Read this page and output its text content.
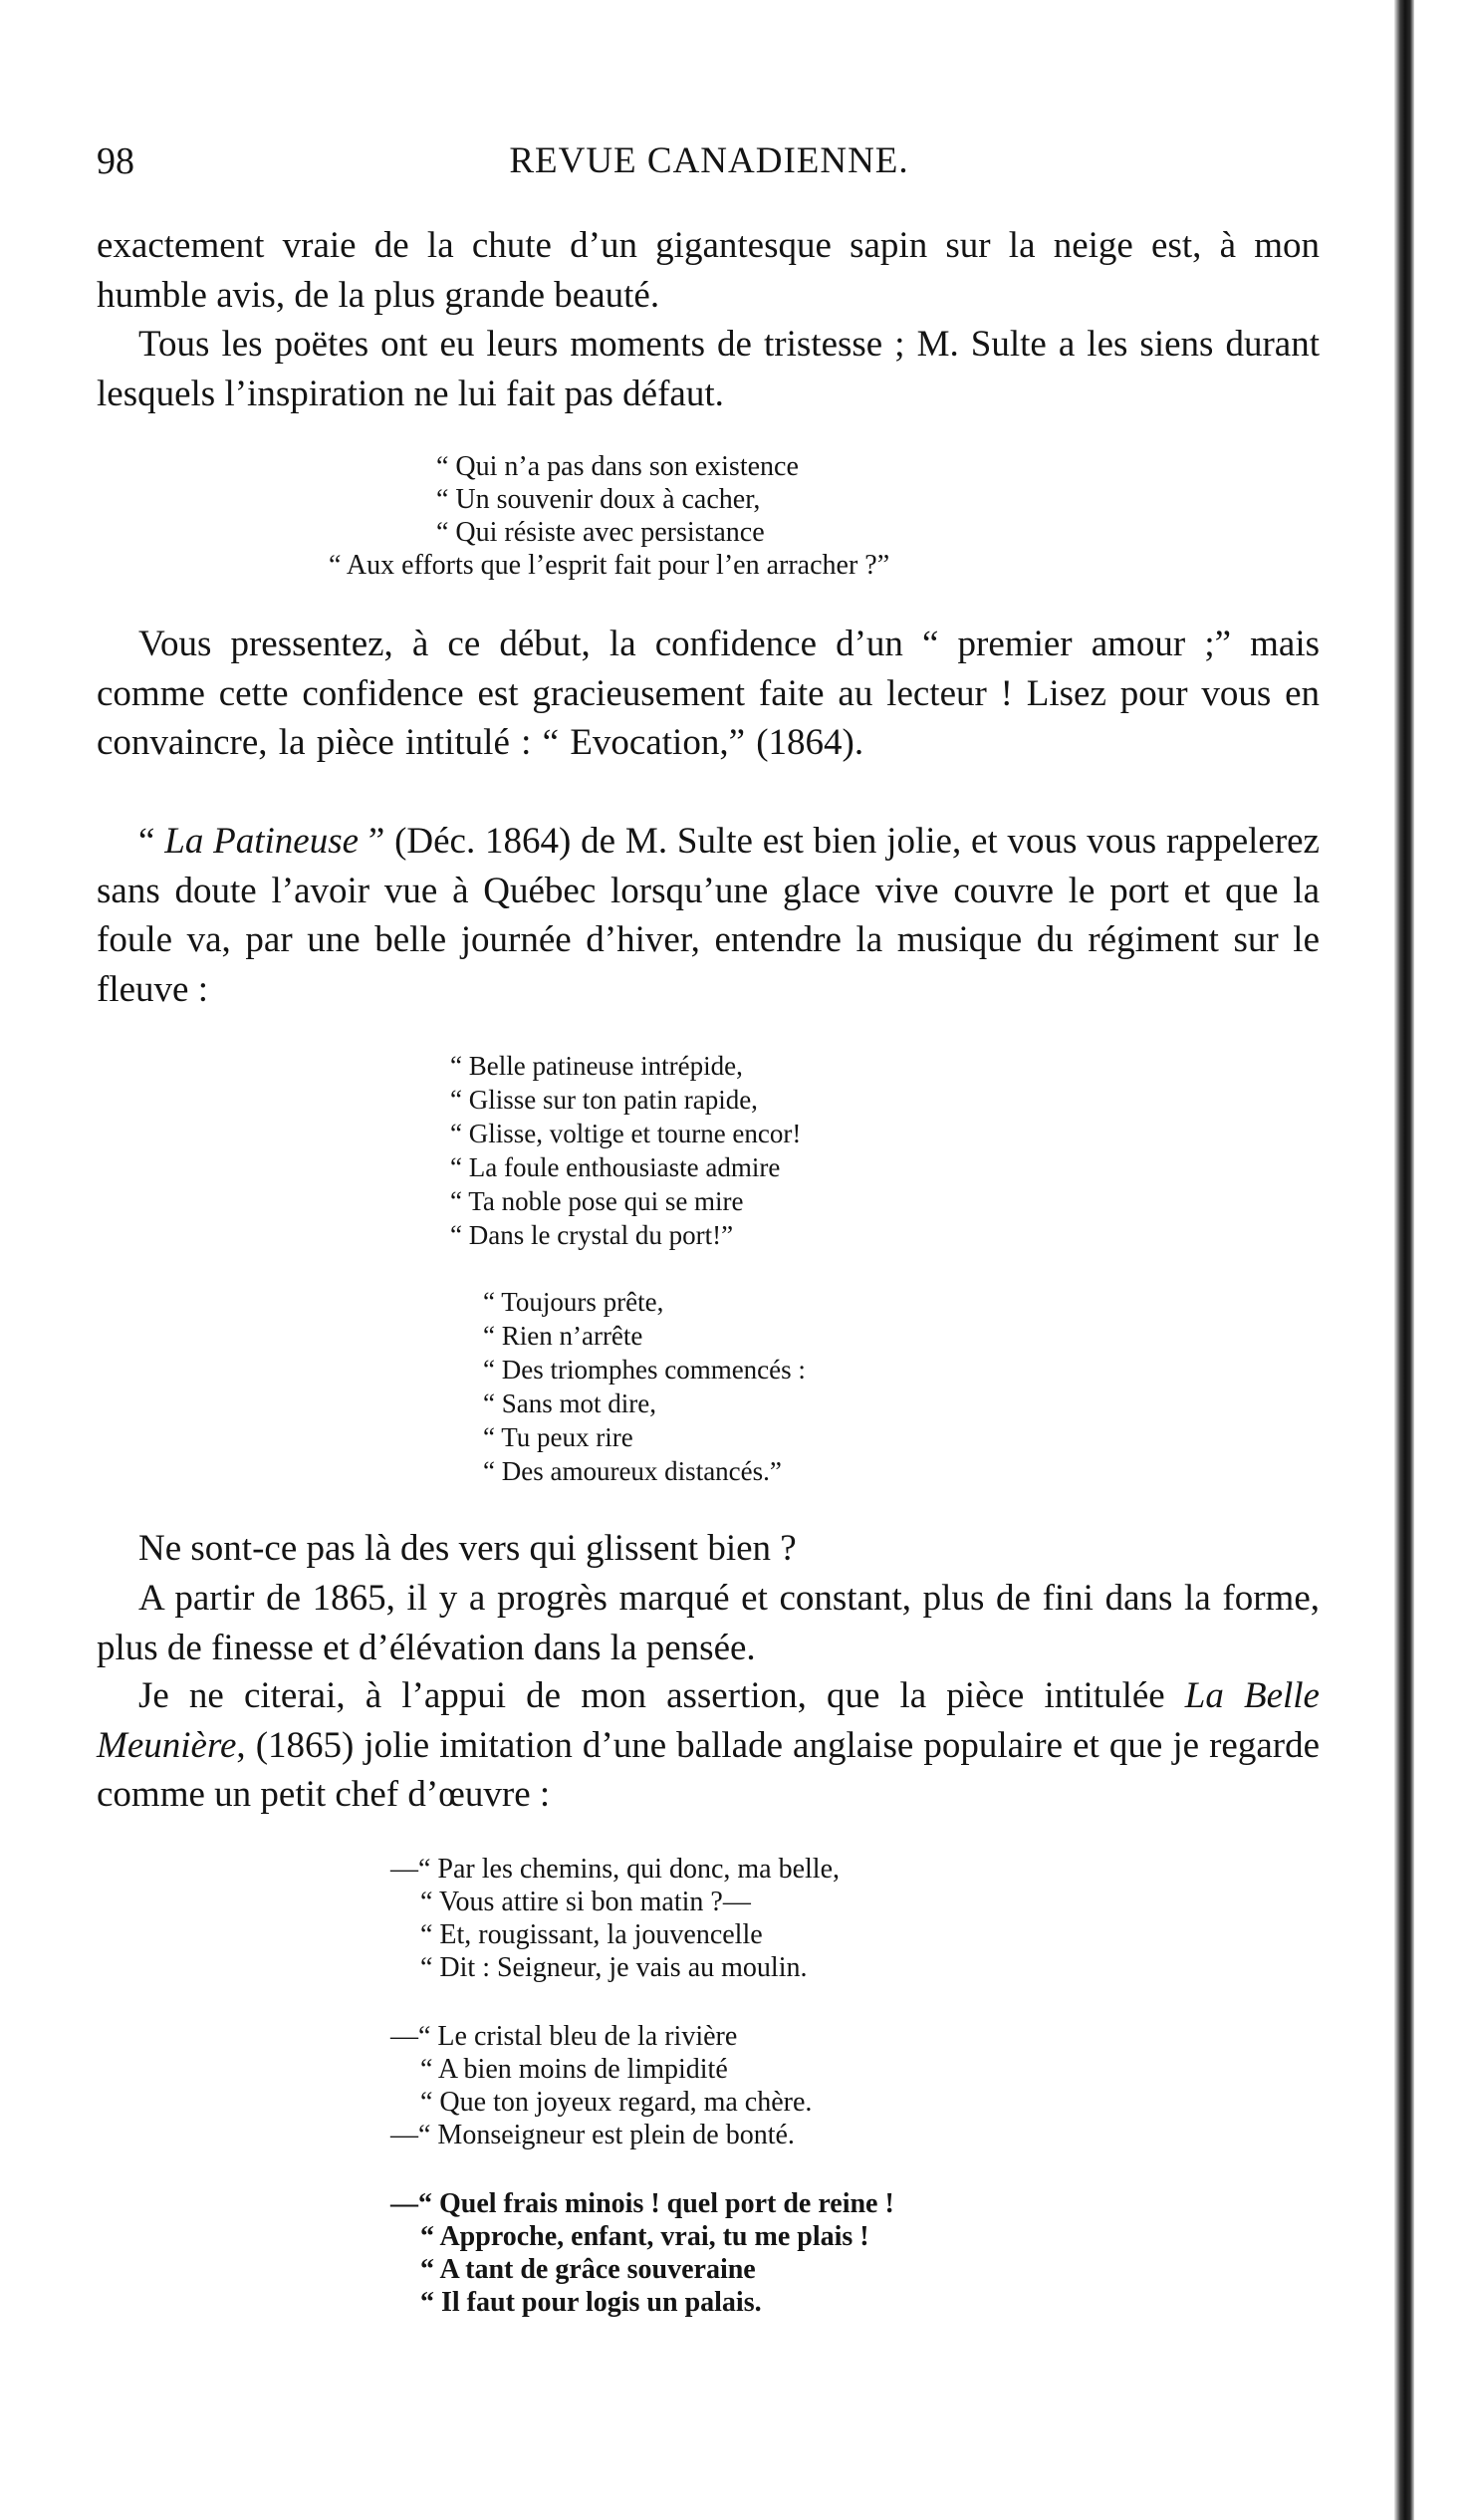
98	REVUE CANADIENNE.

exactement vraie de la chute d’un gigantesque sapin sur la neige est, à mon humble avis, de la plus grande beauté.

Tous les poëtes ont eu leurs moments de tristesse ; M. Sulte a les siens durant lesquels l’inspiration ne lui fait pas défaut.

“ Qui n’a pas dans son existence
“ Un souvenir doux à cacher,
“ Qui résiste avec persistance
“ Aux efforts que l’esprit fait pour l’en arracher ?”

Vous pressentez, à ce début, la confidence d’un “ premier amour ;” mais comme cette confidence est gracieusement faite au lecteur ! Lisez pour vous en convaincre, la pièce intitulé : “ Evocation,” (1864).

“ La Patineuse ” (Déc. 1864) de M. Sulte est bien jolie, et vous vous rappelerez sans doute l’avoir vue à Québec lorsqu’une glace vive couvre le port et que la foule va, par une belle journée d’hiver, entendre la musique du régiment sur le fleuve :

“ Belle patineuse intrépide,
“ Glisse sur ton patin rapide,
“ Glisse, voltige et tourne encor!
“ La foule enthousiaste admire
“ Ta noble pose qui se mire
“ Dans le crystal du port!”
“ Toujours prête,
“ Rien n’arrête
“ Des triomphes commencés :
“ Sans mot dire,
“ Tu peux rire
“ Des amoureux distancés.”

Ne sont-ce pas là des vers qui glissent bien ?

A partir de 1865, il y a progrès marqué et constant, plus de fini dans la forme, plus de finesse et d’élévation dans la pensée.

Je ne citerai, à l’appui de mon assertion, que la pièce intitulée La Belle Meunière, (1865) jolie imitation d’une ballade anglaise populaire et que je regarde comme un petit chef d’œuvre :

—“ Par les chemins, qui donc, ma belle,
“ Vous attire si bon matin ?—
“ Et, rougissant, la jouvencelle
“ Dit : Seigneur, je vais au moulin.
—“ Le cristal bleu de la rivière
“ A bien moins de limpidité
“ Que ton joyeux regard, ma chère.
—“ Monseigneur est plein de bonté.
—“ Quel frais minois ! quel port de reine !
“ Approche, enfant, vrai, tu me plais !
“ A tant de grâce souveraine
“ Il faut pour logis un palais.
